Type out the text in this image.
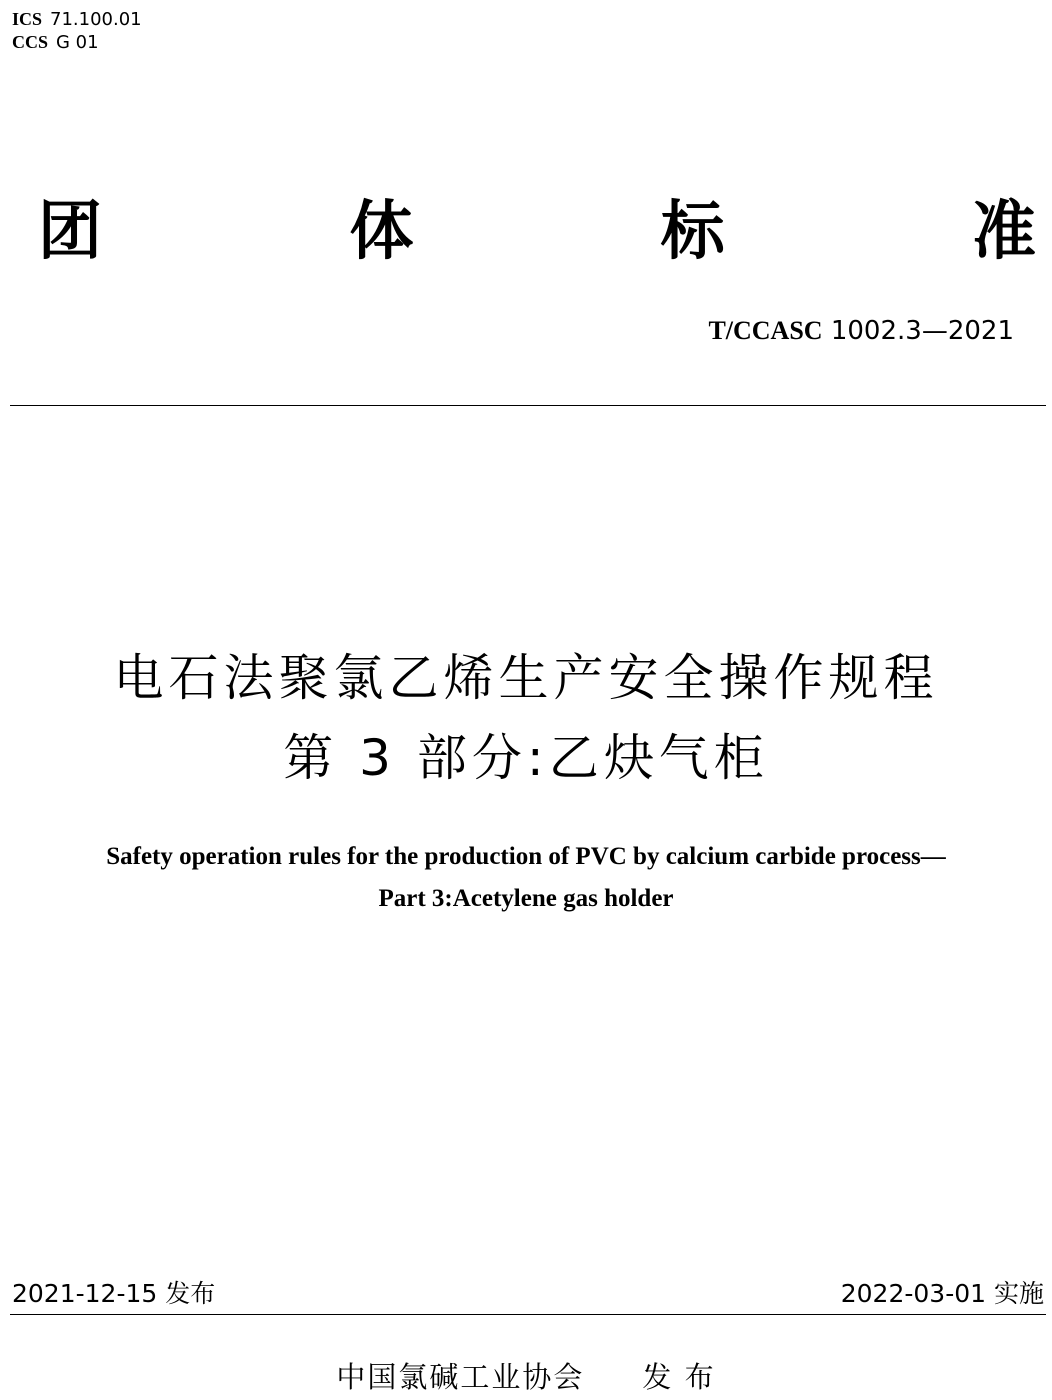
ICS 71.100.01
CCS G 01
团	体	标	准
T/CCASC 1002.3—2021
电石法聚氯乙烯生产安全操作规程
第 3 部分:乙炔气柜
Safety operation rules for the production of PVC by calcium carbide process—
Part 3:Acetylene gas holder
2021-12-15 发布	2022-03-01 实施
中国氯碱工业协会 发 布
